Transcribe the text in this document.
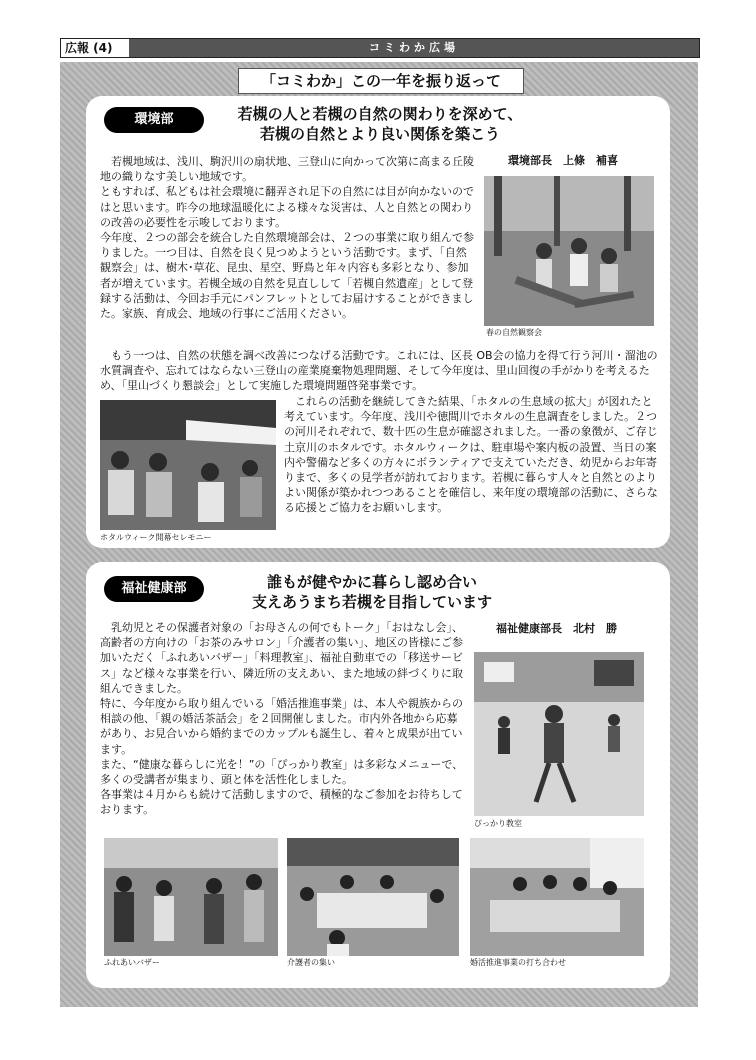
広報 (4)	コミわか広場
「コミわか」この一年を振り返って
環境部	若槻の人と若槻の自然の関わりを深めて、
若槻の自然とより良い関係を築こう
環境部長　上條　補喜

若槻地域は、浅川、駒沢川の扇状地、三登山に向かって次第に高まる丘陵地の織りなす美しい地域です。
ともすれば、私どもは社会環境に翻弄され足下の自然には目が向かないのではと思います。昨今の地球温暖化による様々な災害は、人と自然との関わりの改善の必要性を示唆しております。
今年度、２つの部会を統合した自然環境部会は、２つの事業に取り組んで参りました。一つ目は、自然を良く見つめようという活動です。まず、「自然観察会」は、樹木･草花、昆虫、星空、野鳥と年々内容も多彩となり、参加者が増えています。若槻全域の自然を見直しして「若槻自然遺産」として登録する活動は、今回お手元にパンフレットとしてお届けすることができました。家族、育成会、地域の行事にご活用ください。

春の自然観察会

もう一つは、自然の状態を調べ改善につなげる活動です。これには、区長 OB会の協力を得て行う河川・溜池の水質調査や、忘れてはならない三登山の産業廃棄物処理問題、そして今年度は、里山回復の手がかりを考えるため、「里山づくり懇談会」として実施した環境問題啓発事業です。

ホタルウィーク開幕セレモニー

これらの活動を継続してきた結果、「ホタルの生息域の拡大」が図れたと考えています。今年度、浅川や徳間川でホタルの生息調査をしました。２つの河川それぞれで、数十匹の生息が確認されました。一番の象徴が、ご存じ土京川のホタルです。ホタルウィークは、駐車場や案内板の設置、当日の案内や警備など多くの方々にボランティアで支えていただき、幼児からお年寄りまで、多くの見学者が訪れております。若槻に暮らす人々と自然とのよりよい関係が築かれつつあることを確信し、来年度の環境部の活動に、さらなる応援とご協力をお願いします。

福祉健康部	誰もが健やかに暮らし認め合い
支えあうまち若槻を目指しています
福祉健康部長　北村　勝

乳幼児とその保護者対象の「お母さんの何でもトーク」「おはなし会」、高齢者の方向けの「お茶のみサロン」「介護者の集い」、地区の皆様にご参加いただく「ふれあいバザー」「料理教室」、福祉自動車での「移送サービス」など様々な事業を行い、隣近所の支えあい、また地域の絆づくりに取組んできました。
特に、今年度から取り組んでいる「婚活推進事業」は、本人や親族からの相談の他、「親の婚活茶話会」を２回開催しました。市内外各地から応募があり、お見合いから婚約までのカップルも誕生し、着々と成果が出ています。
また、“健康な暮らしに光を！”の「ぴっかり教室」は多彩なメニューで、多くの受講者が集まり、頭と体を活性化しました。
各事業は４月からも続けて活動しますので、積極的なご参加をお待ちしております。

ぴっかり教室
ふれあいバザー	介護者の集い	婚活推進事業の打ち合わせ
